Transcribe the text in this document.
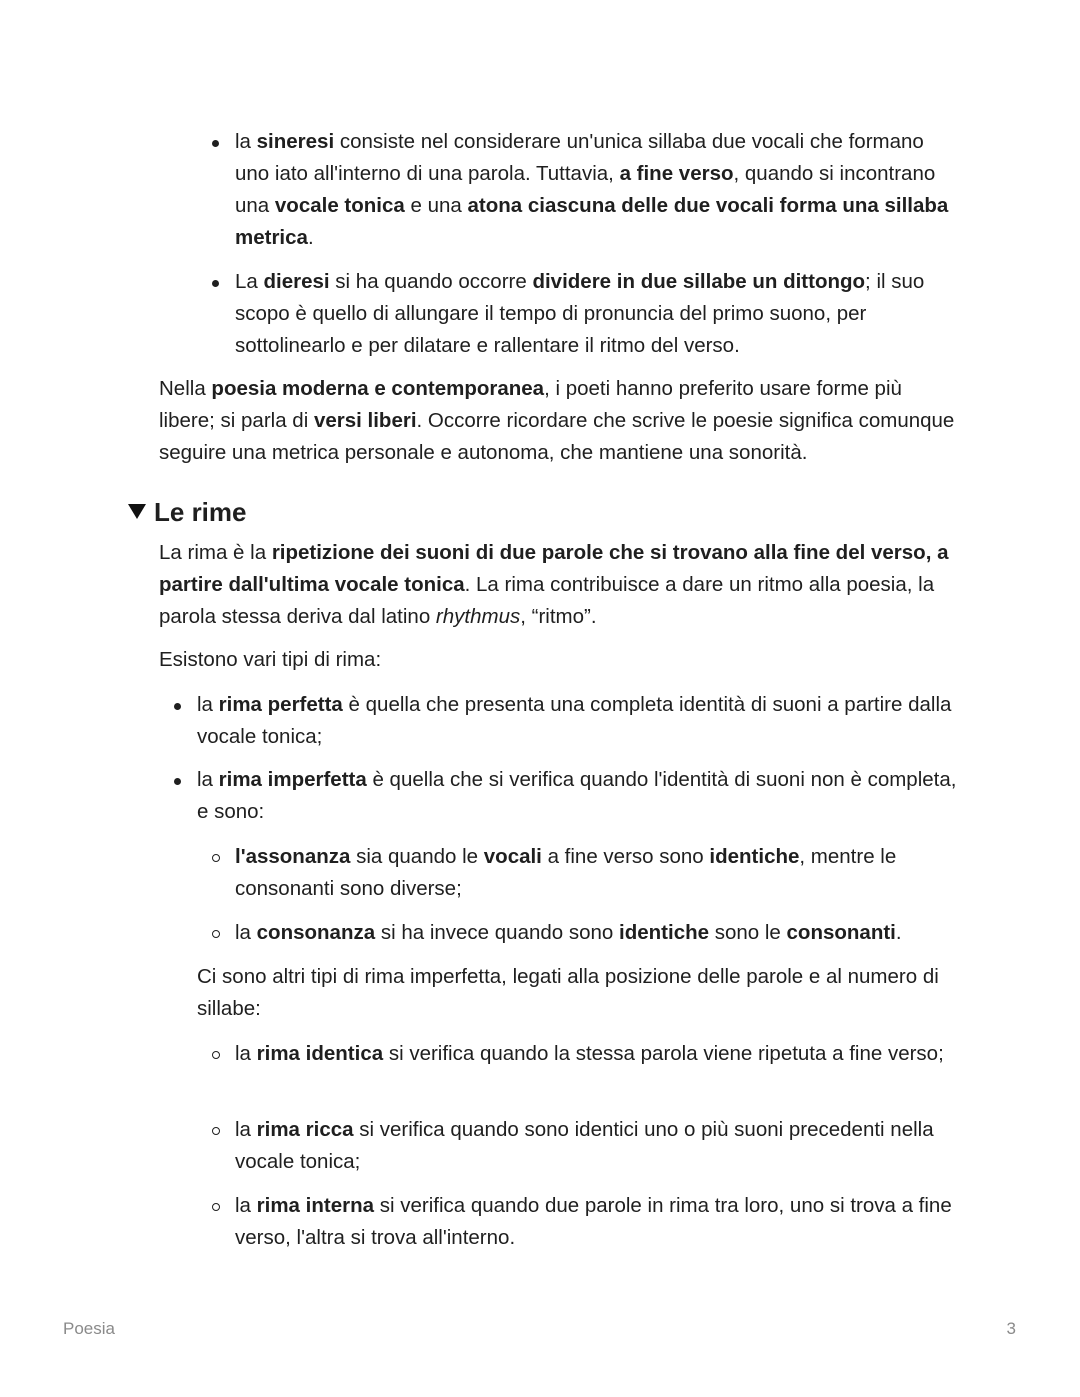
la sineresi consiste nel considerare un'unica sillaba due vocali che formano uno iato all'interno di una parola. Tuttavia, a fine verso, quando si incontrano una vocale tonica e una atona ciascuna delle due vocali forma una sillaba metrica.

La dieresi si ha quando occorre dividere in due sillabe un dittongo; il suo scopo è quello di allungare il tempo di pronuncia del primo suono, per sottolinearlo e per dilatare e rallentare il ritmo del verso.

Nella poesia moderna e contemporanea, i poeti hanno preferito usare forme più libere; si parla di versi liberi. Occorre ricordare che scrive le poesie significa comunque seguire una metrica personale e autonoma, che mantiene una sonorità.

Le rime

La rima è la ripetizione dei suoni di due parole che si trovano alla fine del verso, a partire dall'ultima vocale tonica. La rima contribuisce a dare un ritmo alla poesia, la parola stessa deriva dal latino rhythmus, “ritmo”.

Esistono vari tipi di rima:

la rima perfetta è quella che presenta una completa identità di suoni a partire dalla vocale tonica;

la rima imperfetta è quella che si verifica quando l'identità di suoni non è completa, e sono:

l'assonanza sia quando le vocali a fine verso sono identiche, mentre le consonanti sono diverse;

la consonanza si ha invece quando sono identiche sono le consonanti.

Ci sono altri tipi di rima imperfetta, legati alla posizione delle parole e al numero di sillabe:

la rima identica si verifica quando la stessa parola viene ripetuta a fine verso;

la rima ricca si verifica quando sono identici uno o più suoni precedenti nella vocale tonica;

la rima interna si verifica quando due parole in rima tra loro, uno si trova a fine verso, l'altra si trova all'interno.

Poesia	3
